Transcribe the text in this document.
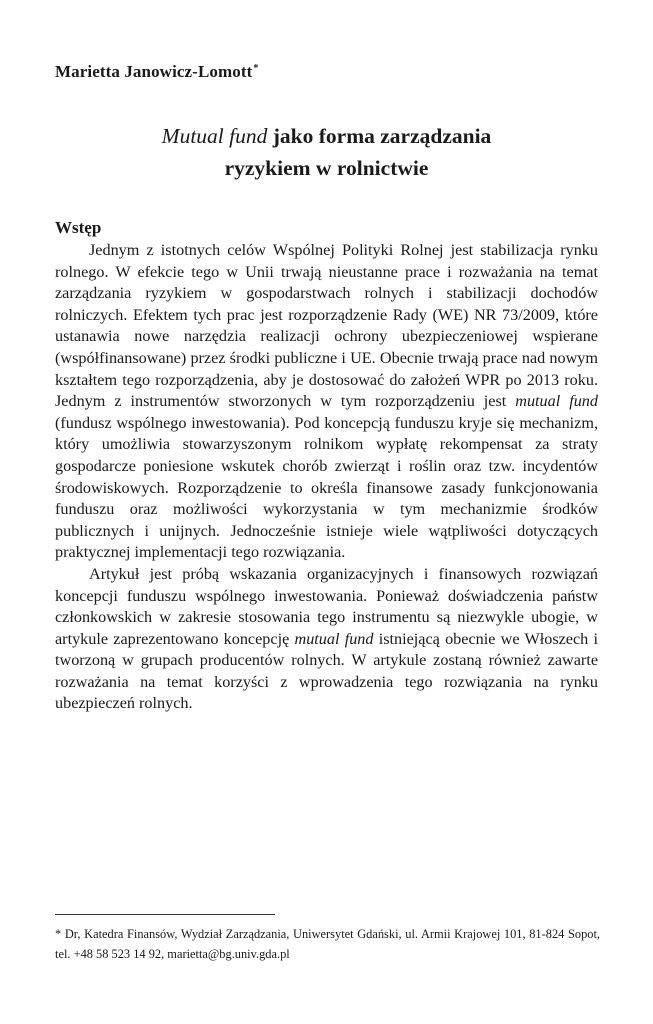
Marietta Janowicz-Lomott*
Mutual fund jako forma zarządzania
ryzykiem w rolnictwie
Wstęp

Jednym z istotnych celów Wspólnej Polityki Rolnej jest stabilizacja rynku rolnego. W efekcie tego w Unii trwają nieustanne prace i rozważania na temat zarządzania ryzykiem w gospodarstwach rolnych i stabilizacji dochodów rolniczych. Efektem tych prac jest rozporządzenie Rady (WE) NR 73/2009, które ustanawia nowe narzędzia realizacji ochrony ubezpieczeniowej wspierane (współfinansowane) przez środki publiczne i UE. Obecnie trwają prace nad nowym kształtem tego rozporządzenia, aby je dostosować do założeń WPR po 2013 roku. Jednym z instrumentów stworzonych w tym rozporządzeniu jest mutual fund (fundusz wspólnego inwestowania). Pod koncepcją funduszu kryje się mechanizm, który umożliwia stowarzyszonym rolnikom wypłatę rekompensat za straty gospodarcze poniesione wskutek chorób zwierząt i roślin oraz tzw. incydentów środowiskowych. Rozporządzenie to określa finansowe zasady funkcjonowania funduszu oraz możliwości wykorzystania w tym mechanizmie środków publicznych i unijnych. Jednocześnie istnieje wiele wątpliwości dotyczących praktycznej implementacji tego rozwiązania.

Artykuł jest próbą wskazania organizacyjnych i finansowych rozwiązań koncepcji funduszu wspólnego inwestowania. Ponieważ doświadczenia państw członkowskich w zakresie stosowania tego instrumentu są niezwykle ubogie, w artykule zaprezentowano koncepcję mutual fund istniejącą obecnie we Włoszech i tworzoną w grupach producentów rolnych. W artykule zostaną również zawarte rozważania na temat korzyści z wprowadzenia tego rozwiązania na rynku ubezpieczeń rolnych.

* Dr, Katedra Finansów, Wydział Zarządzania, Uniwersytet Gdański, ul. Armii Krajowej 101, 81-824 Sopot, tel. +48 58 523 14 92, marietta@bg.univ.gda.pl
